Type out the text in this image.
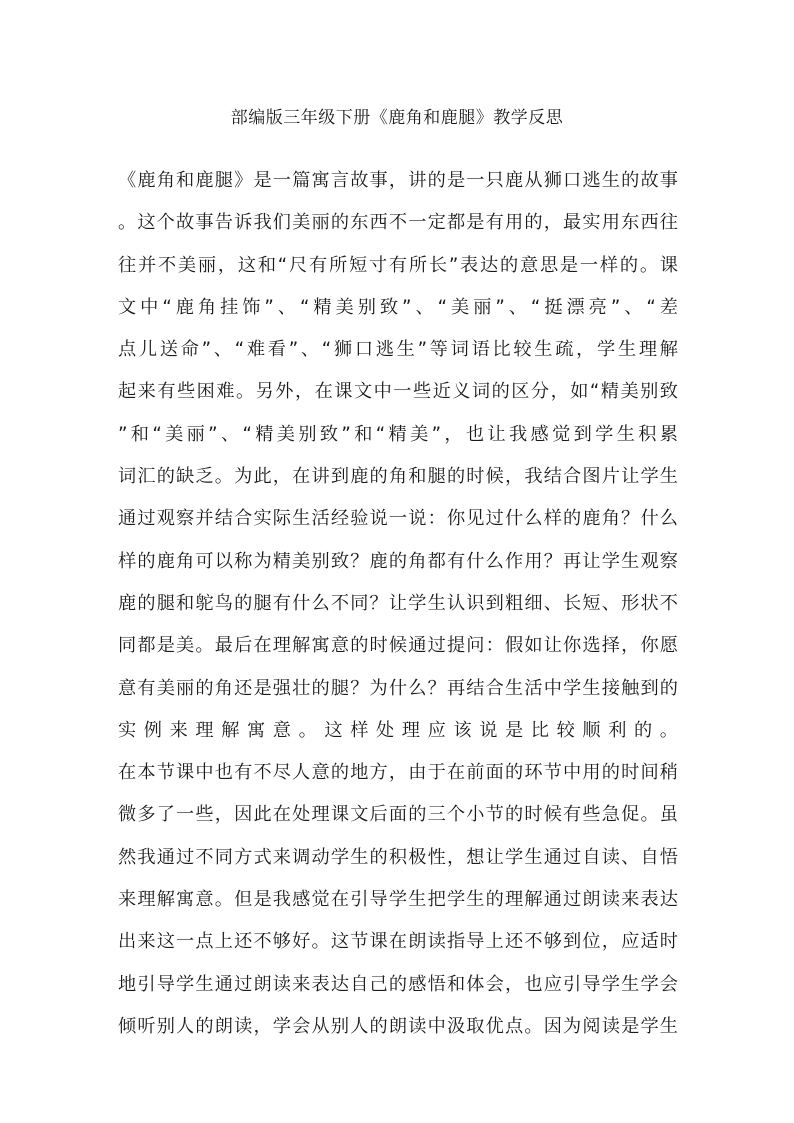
部编版三年级下册《鹿角和鹿腿》教学反思
《鹿角和鹿腿》是一篇寓言故事，讲的是一只鹿从狮口逃生的故事
。这个故事告诉我们美丽的东西不一定都是有用的，最实用东西往
往并不美丽，这和“尺有所短寸有所长”表达的意思是一样的。课
文中“鹿角挂饰”、“精美别致”、“美丽”、“挺漂亮”、“差
点儿送命”、“难看”、“狮口逃生”等词语比较生疏，学生理解
起来有些困难。另外，在课文中一些近义词的区分，如“精美别致
”和“美丽”、“精美别致”和“精美”，也让我感觉到学生积累
词汇的缺乏。为此，在讲到鹿的角和腿的时候，我结合图片让学生
通过观察并结合实际生活经验说一说：你见过什么样的鹿角？什么
样的鹿角可以称为精美别致？鹿的角都有什么作用？再让学生观察
鹿的腿和鸵鸟的腿有什么不同？让学生认识到粗细、长短、形状不
同都是美。最后在理解寓意的时候通过提问：假如让你选择，你愿
意有美丽的角还是强壮的腿？为什么？再结合生活中学生接触到的
实例来理解寓意。这样处理应该说是比较顺利的。
在本节课中也有不尽人意的地方，由于在前面的环节中用的时间稍
微多了一些，因此在处理课文后面的三个小节的时候有些急促。虽
然我通过不同方式来调动学生的积极性，想让学生通过自读、自悟
来理解寓意。但是我感觉在引导学生把学生的理解通过朗读来表达
出来这一点上还不够好。这节课在朗读指导上还不够到位，应适时
地引导学生通过朗读来表达自己的感悟和体会，也应引导学生学会
倾听别人的朗读，学会从别人的朗读中汲取优点。因为阅读是学生
